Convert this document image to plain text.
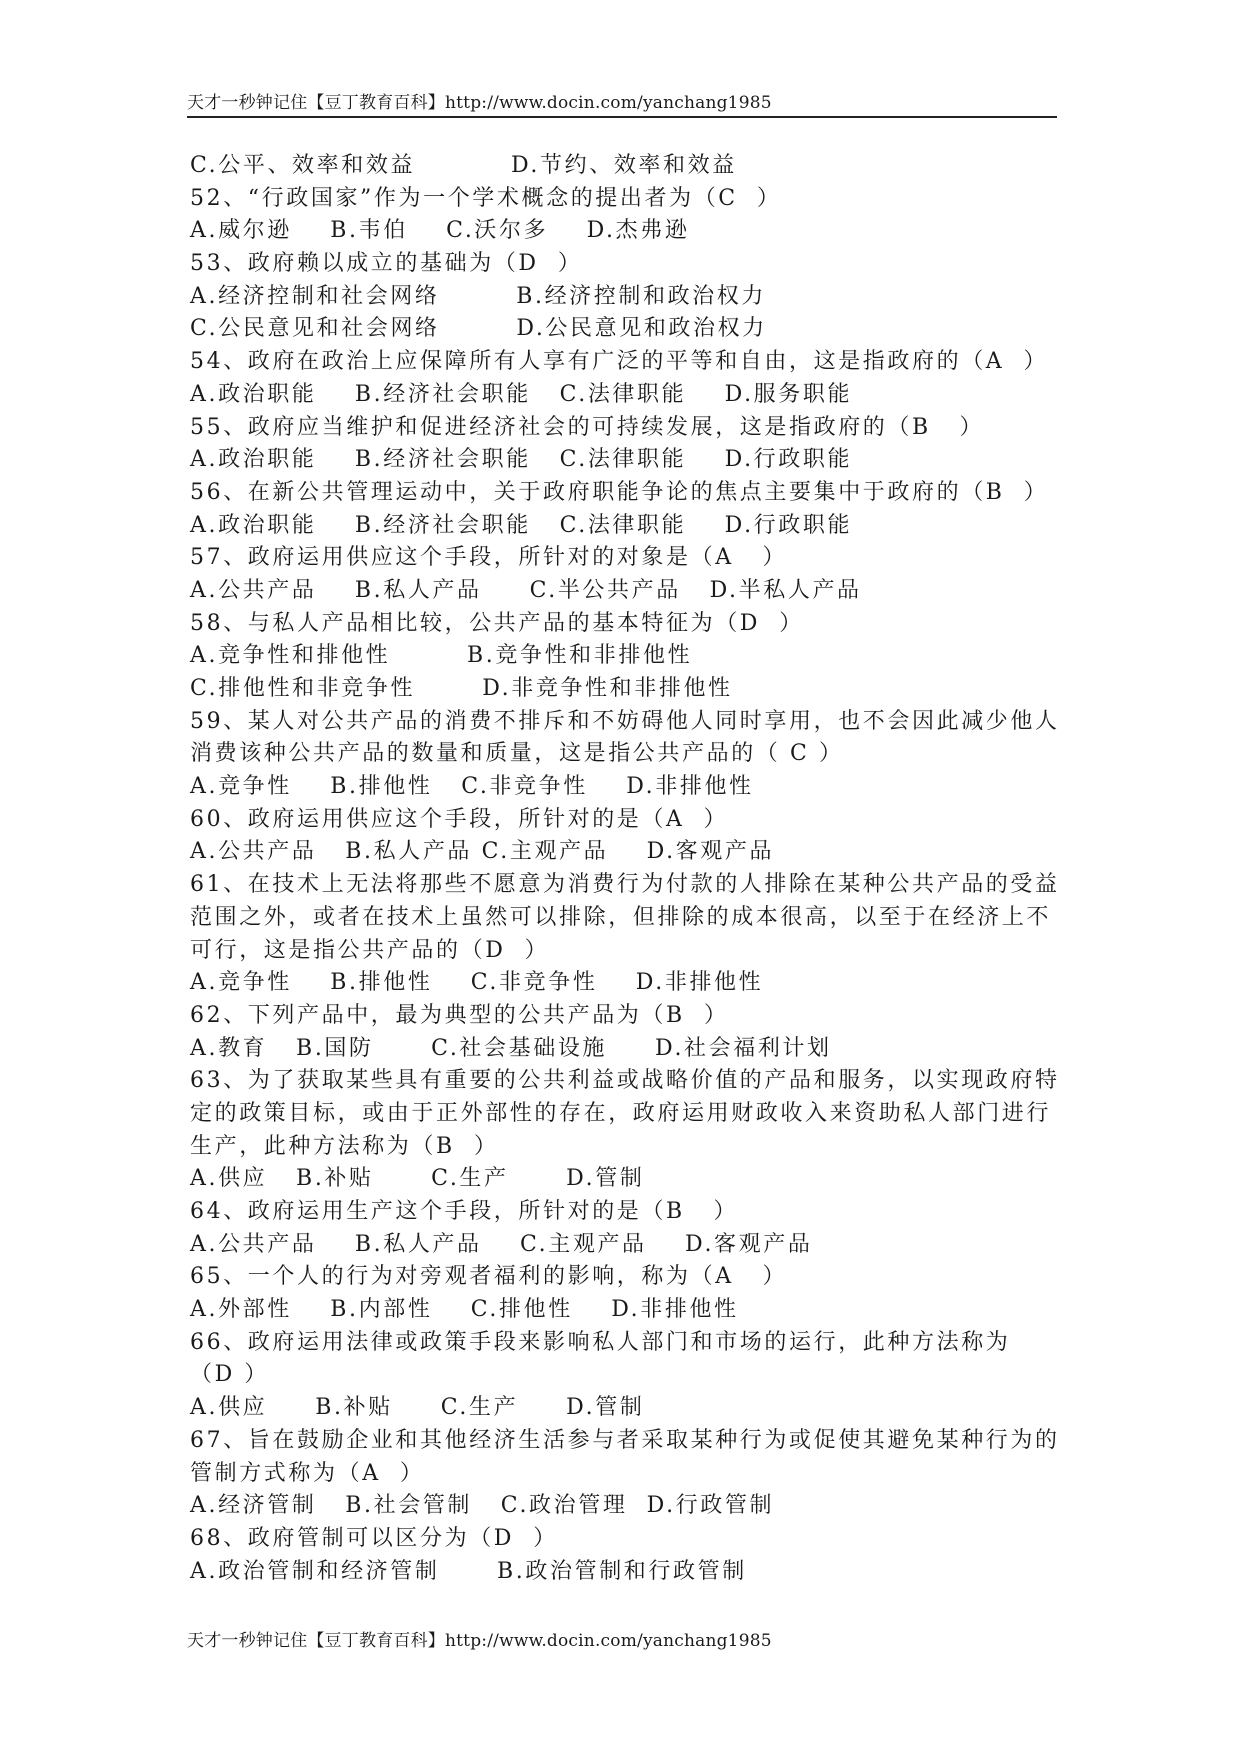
天才一秒钟记住【豆丁教育百科】http://www.docin.com/yanchang1985
C.公平、效率和效益          D.节约、效率和效益
52、“行政国家”作为一个学术概念的提出者为（C  ）
A.威尔逊    B.韦伯    C.沃尔多    D.杰弗逊
53、政府赖以成立的基础为（D  ）
A.经济控制和社会网络        B.经济控制和政治权力
C.公民意见和社会网络        D.公民意见和政治权力
54、政府在政治上应保障所有人享有广泛的平等和自由，这是指政府的（A  ）
A.政治职能    B.经济社会职能   C.法律职能    D.服务职能
55、政府应当维护和促进经济社会的可持续发展，这是指政府的（B   ）
A.政治职能    B.经济社会职能   C.法律职能    D.行政职能
56、在新公共管理运动中，关于政府职能争论的焦点主要集中于政府的（B  ）
A.政治职能    B.经济社会职能   C.法律职能    D.行政职能
57、政府运用供应这个手段，所针对的对象是（A   ）
A.公共产品    B.私人产品     C.半公共产品   D.半私人产品
58、与私人产品相比较，公共产品的基本特征为（D  ）
A.竞争性和排他性        B.竞争性和非排他性
C.排他性和非竞争性       D.非竞争性和非排他性
59、某人对公共产品的消费不排斥和不妨碍他人同时享用，也不会因此减少他人
消费该种公共产品的数量和质量，这是指公共产品的（ C ）
A.竞争性    B.排他性   C.非竞争性    D.非排他性
60、政府运用供应这个手段，所针对的是（A  ）
A.公共产品   B.私人产品 C.主观产品    D.客观产品
61、在技术上无法将那些不愿意为消费行为付款的人排除在某种公共产品的受益
范围之外，或者在技术上虽然可以排除，但排除的成本很高，以至于在经济上不
可行，这是指公共产品的（D  ）
A.竞争性    B.排他性    C.非竞争性    D.非排他性
62、下列产品中，最为典型的公共产品为（B  ）
A.教育   B.国防      C.社会基础设施     D.社会福利计划
63、为了获取某些具有重要的公共利益或战略价值的产品和服务，以实现政府特
定的政策目标，或由于正外部性的存在，政府运用财政收入来资助私人部门进行
生产，此种方法称为（B  ）
A.供应   B.补贴      C.生产      D.管制
64、政府运用生产这个手段，所针对的是（B   ）
A.公共产品    B.私人产品    C.主观产品    D.客观产品
65、一个人的行为对旁观者福利的影响，称为（A   ）
A.外部性    B.内部性    C.排他性    D.非排他性
66、政府运用法律或政策手段来影响私人部门和市场的运行，此种方法称为
（D ）
A.供应     B.补贴     C.生产     D.管制
67、旨在鼓励企业和其他经济生活参与者采取某种行为或促使其避免某种行为的
管制方式称为（A  ）
A.经济管制   B.社会管制   C.政治管理  D.行政管制
68、政府管制可以区分为（D  ）
A.政治管制和经济管制      B.政治管制和行政管制
天才一秒钟记住【豆丁教育百科】http://www.docin.com/yanchang1985
